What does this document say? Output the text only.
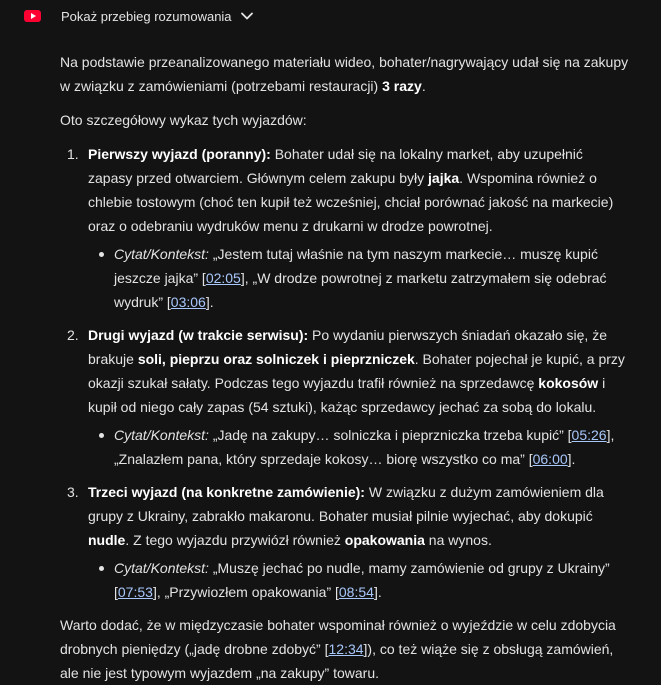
Pokaż przebieg rozumowania

Na podstawie przeanalizowanego materiału wideo, bohater/nagrywający udał się na zakupy w związku z zamówieniami (potrzebami restauracji) 3 razy.

Oto szczegółowy wykaz tych wyjazdów:

1. Pierwszy wyjazd (poranny): Bohater udał się na lokalny market, aby uzupełnić zapasy przed otwarciem. Głównym celem zakupu były jajka. Wspomina również o chlebie tostowym (choć ten kupił też wcześniej, chciał porównać jakość na markecie) oraz o odebraniu wydruków menu z drukarni w drodze powrotnej.
Cytat/Kontekst: „Jestem tutaj właśnie na tym naszym markecie… muszę kupić jeszcze jajka” [02:05], „W drodze powrotnej z marketu zatrzymałem się odebrać wydruk” [03:06].
2. Drugi wyjazd (w trakcie serwisu): Po wydaniu pierwszych śniadań okazało się, że brakuje soli, pieprzu oraz solniczek i pieprzniczek. Bohater pojechał je kupić, a przy okazji szukał sałaty. Podczas tego wyjazdu trafił również na sprzedawcę kokosów i kupił od niego cały zapas (54 sztuki), każąc sprzedawcy jechać za sobą do lokalu.
Cytat/Kontekst: „Jadę na zakupy… solniczka i pieprzniczka trzeba kupić” [05:26], „Znalazłem pana, który sprzedaje kokosy… biorę wszystko co ma” [06:00].
3. Trzeci wyjazd (na konkretne zamówienie): W związku z dużym zamówieniem dla grupy z Ukrainy, zabrakło makaronu. Bohater musiał pilnie wyjechać, aby dokupić nudle. Z tego wyjazdu przywiózł również opakowania na wynos.
Cytat/Kontekst: „Muszę jechać po nudle, mamy zamówienie od grupy z Ukrainy” [07:53], „Przywiozłem opakowania” [08:54].

Warto dodać, że w międzyczasie bohater wspominał również o wyjeździe w celu zdobycia drobnych pieniędzy („jadę drobne zdobyć” [12:34]), co też wiąże się z obsługą zamówień, ale nie jest typowym wyjazdem „na zakupy” towaru.
